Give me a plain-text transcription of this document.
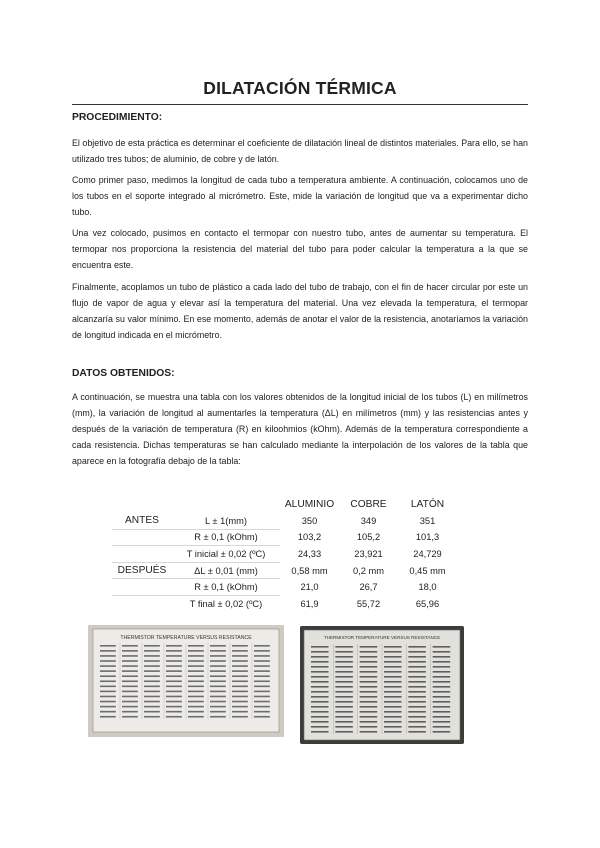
DILATACIÓN TÉRMICA
PROCEDIMIENTO:

El objetivo de esta práctica es determinar el coeficiente de dilatación lineal de distintos materiales. Para ello, se han utilizado tres tubos; de aluminio, de cobre y de latón.

Como primer paso, medimos la longitud de cada tubo a temperatura ambiente. A continuación, colocamos uno de los tubos en el soporte integrado al micrómetro. Este, mide la variación de longitud que va a experimentar dicho tubo.

Una vez colocado, pusimos en contacto el termopar con nuestro tubo, antes de aumentar su temperatura. El termopar nos proporciona la resistencia del material del tubo para poder calcular la temperatura a la que se encuentra este.

Finalmente, acoplamos un tubo de plástico a cada lado del tubo de trabajo, con el fin de hacer circular por este un flujo de vapor de agua y elevar así la temperatura del material. Una vez elevada la temperatura, el termopar alcanzaría su valor mínimo. En ese momento, además de anotar el valor de la resistencia, anotaríamos la variación de longitud indicada en el micrómetro.

DATOS OBTENIDOS:

A continuación, se muestra una tabla con los valores obtenidos de la longitud inicial de los tubos (L) en milímetros (mm), la variación de longitud al aumentarles la temperatura (ΔL) en milímetros (mm) y las resistencias antes y después de la variación de temperatura (R) en kiloohmios (kOhm). Además de la temperatura correspondiente a cada resistencia. Dichas temperaturas se han calculado mediante la interpolación de los valores de la tabla que aparece en la fotografía debajo de la tabla:

		ALUMINIO	COBRE	LATÓN
ANTES	L ± 1(mm)	350	349	351
	R ± 0,1 (kOhm)	103,2	105,2	101,3
	T inicial ± 0,02 (ºC)	24,33	23,921	24,729
DESPUÉS	ΔL ± 0,01 (mm)	0,58 mm	0,2 mm	0,45 mm
	R ± 0,1 (kOhm)	21,0	26,7	18,0
	T final ± 0,02 (ºC)	61,9	55,72	65,96
THERMISTOR TEMPERATURE VERSUS RESISTANCE	THERMISTOR TEMPERATURE VERSUS RESISTANCE
